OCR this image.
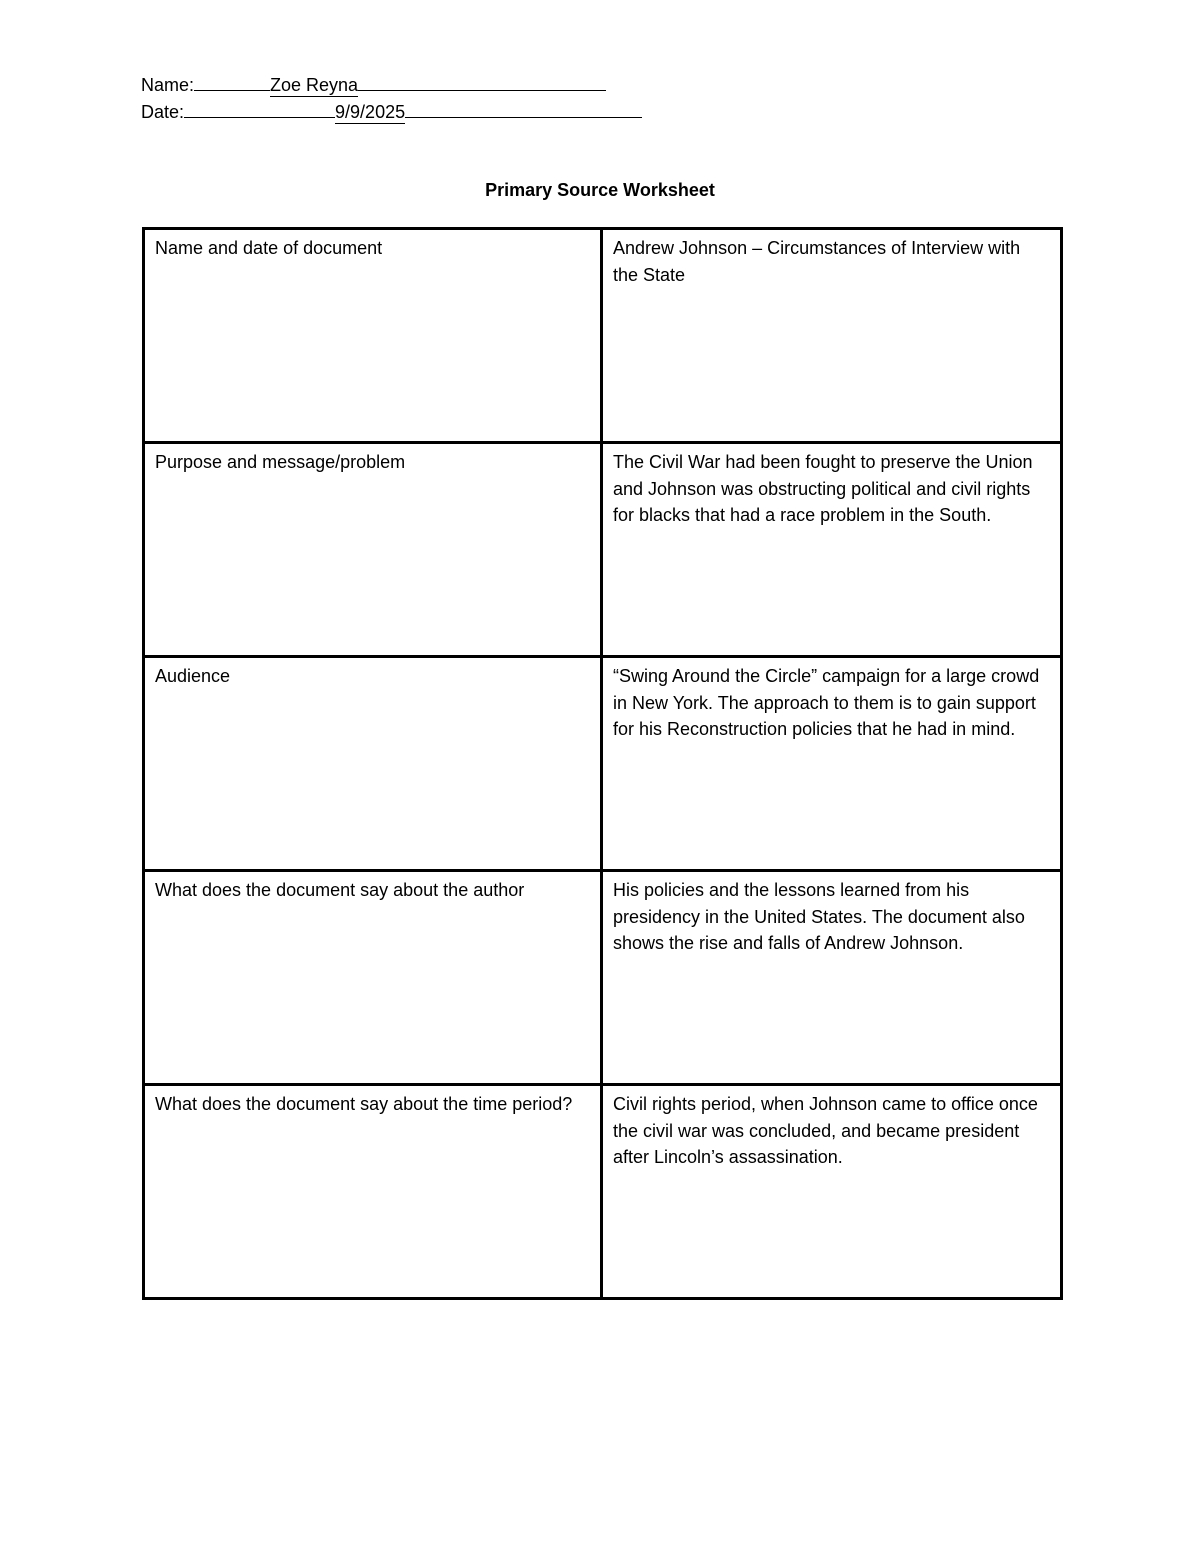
Name:	Zoe Reyna
Date:	9/9/2025
Primary Source Worksheet
Name and date of document	Andrew Johnson – Circumstances of Interview with the State
Purpose and message/problem	The Civil War had been fought to preserve the Union and Johnson was obstructing political and civil rights for blacks that had a race problem in the South.
Audience	“Swing Around the Circle” campaign for a large crowd in New York. The approach to them is to gain support for his Reconstruction policies that he had in mind.
What does the document say about the author	His policies and the lessons learned from his presidency in the United States. The document also shows the rise and falls of Andrew Johnson.
What does the document say about the time period?	Civil rights period, when Johnson came to office once the civil war was concluded, and became president after Lincoln’s assassination.
